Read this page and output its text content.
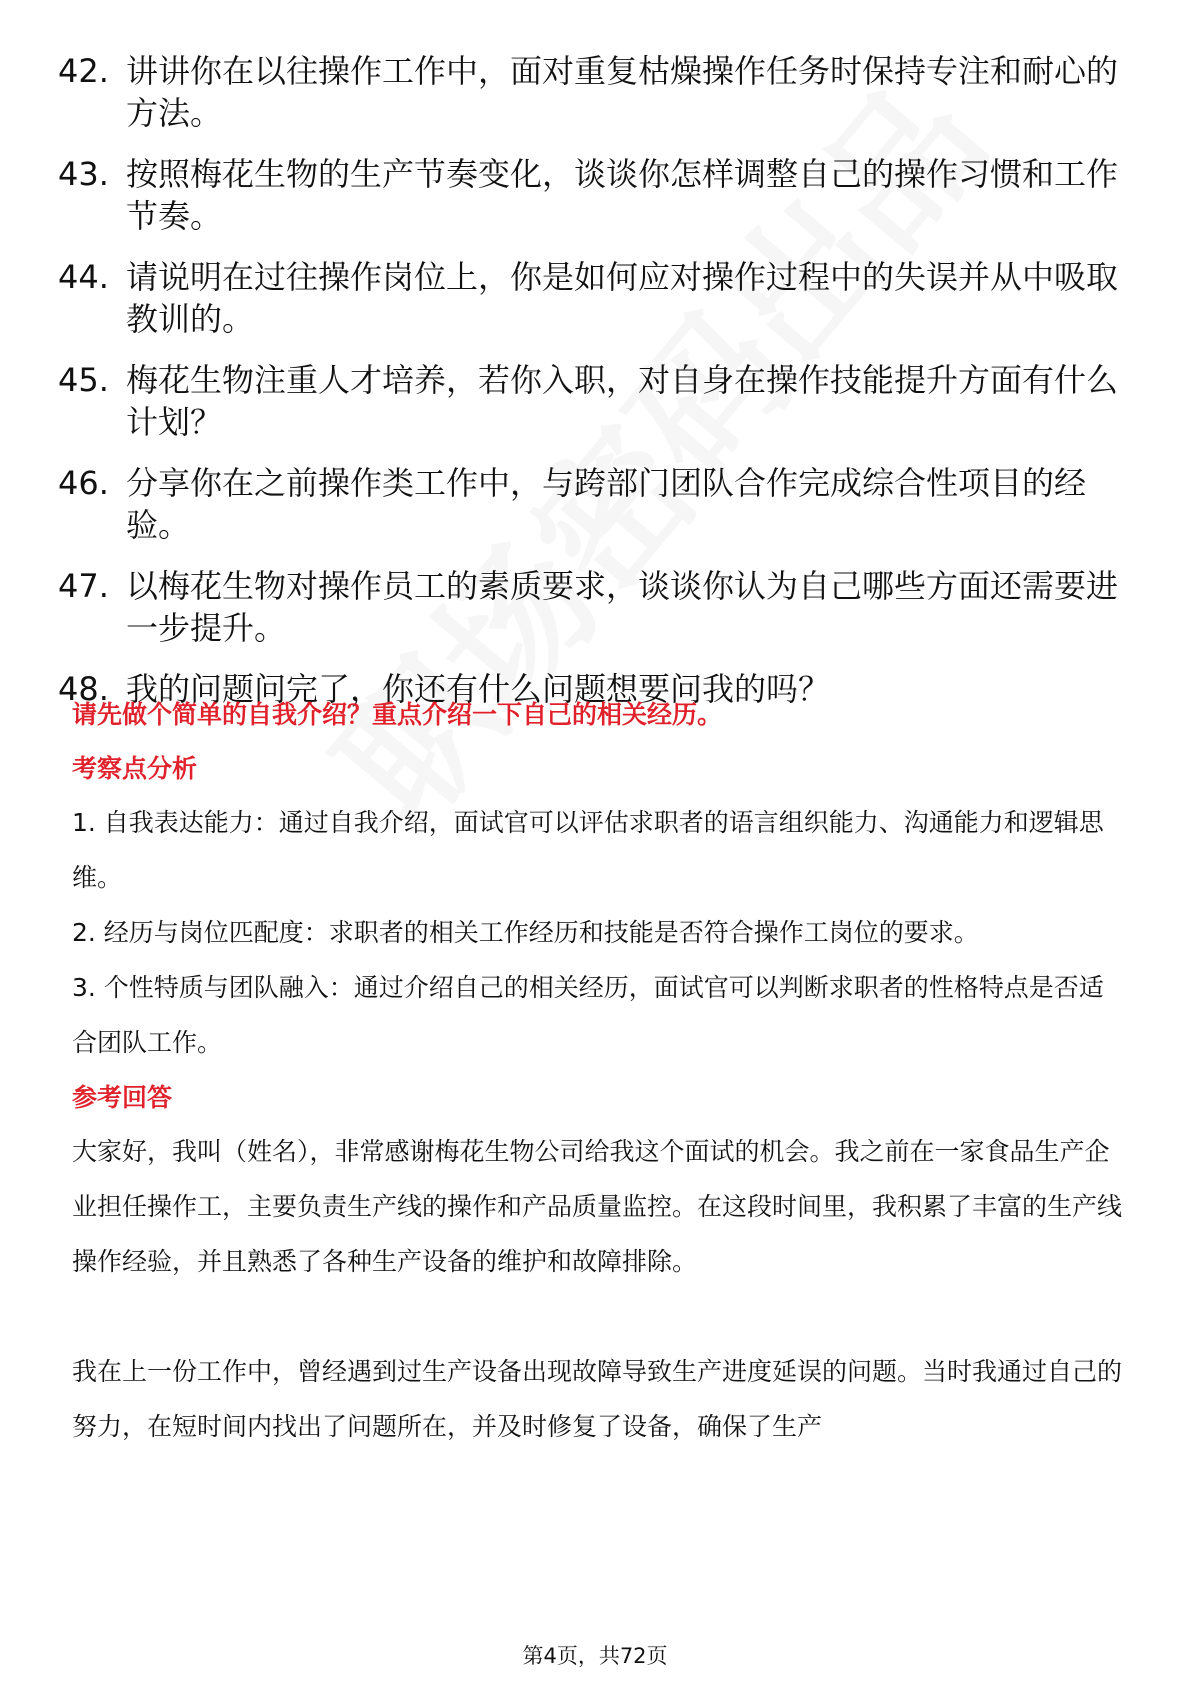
42. 讲讲你在以往操作工作中，面对重复枯燥操作任务时保持专注和耐心的方法。
43. 按照梅花生物的生产节奏变化，谈谈你怎样调整自己的操作习惯和工作节奏。
44. 请说明在过往操作岗位上，你是如何应对操作过程中的失误并从中吸取教训的。
45. 梅花生物注重人才培养，若你入职，对自身在操作技能提升方面有什么计划？
46. 分享你在之前操作类工作中，与跨部门团队合作完成综合性项目的经验。
47. 以梅花生物对操作员工的素质要求，谈谈你认为自己哪些方面还需要进一步提升。
48. 我的问题问完了，你还有什么问题想要问我的吗？
请先做个简单的自我介绍？重点介绍一下自己的相关经历。
考察点分析

1. 自我表达能力：通过自我介绍，面试官可以评估求职者的语言组织能力、沟通能力和逻辑思维。

2. 经历与岗位匹配度：求职者的相关工作经历和技能是否符合操作工岗位的要求。

3. 个性特质与团队融入：通过介绍自己的相关经历，面试官可以判断求职者的性格特点是否适合团队工作。

参考回答

大家好，我叫（姓名），非常感谢梅花生物公司给我这个面试的机会。我之前在一家食品生产企业担任操作工，主要负责生产线的操作和产品质量监控。在这段时间里，我积累了丰富的生产线操作经验，并且熟悉了各种生产设备的维护和故障排除。

我在上一份工作中，曾经遇到过生产设备出现故障导致生产进度延误的问题。当时我通过自己的努力，在短时间内找出了问题所在，并及时修复了设备，确保了生产

第4页，共72页
